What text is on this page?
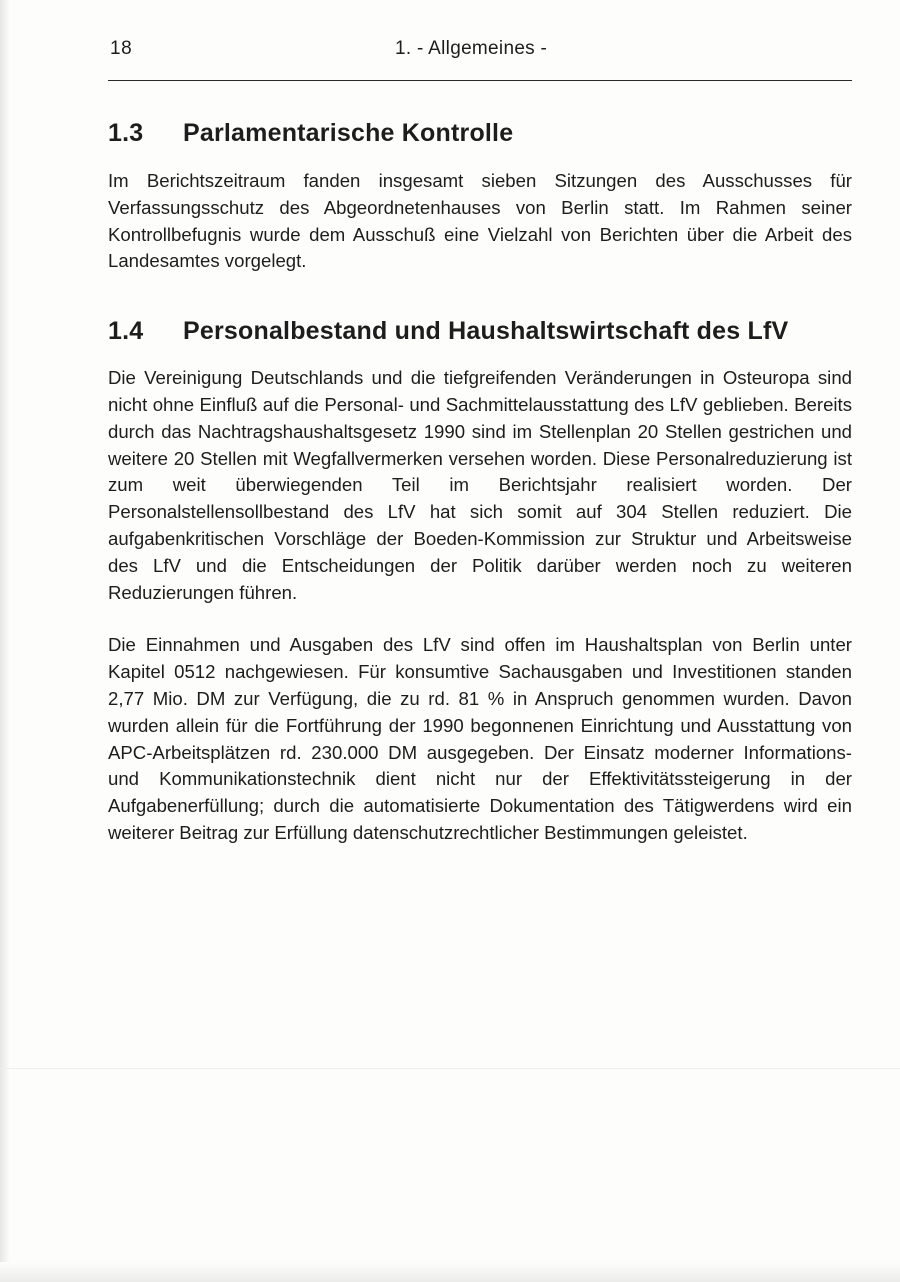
18	1. - Allgemeines -
1.3	Parlamentarische Kontrolle

Im Berichtszeitraum fanden insgesamt sieben Sitzungen des Ausschusses für Verfassungsschutz des Abgeordnetenhauses von Berlin statt. Im Rahmen seiner Kontrollbefugnis wurde dem Ausschuß eine Vielzahl von Berichten über die Arbeit des Landesamtes vorgelegt.

1.4	Personalbestand und Haushaltswirtschaft des LfV

Die Vereinigung Deutschlands und die tiefgreifenden Veränderungen in Osteuropa sind nicht ohne Einfluß auf die Personal- und Sachmittelausstattung des LfV geblieben. Bereits durch das Nachtragshaushaltsgesetz 1990 sind im Stellenplan 20 Stellen gestrichen und weitere 20 Stellen mit Wegfallvermerken versehen worden. Diese Personalreduzierung ist zum weit überwiegenden Teil im Berichtsjahr realisiert worden. Der Personalstellensollbestand des LfV hat sich somit auf 304 Stellen reduziert. Die aufgabenkritischen Vorschläge der Boeden-Kommission zur Struktur und Arbeitsweise des LfV und die Entscheidungen der Politik darüber werden noch zu weiteren Reduzierungen führen.

Die Einnahmen und Ausgaben des LfV sind offen im Haushaltsplan von Berlin unter Kapitel 0512 nachgewiesen. Für konsumtive Sachausgaben und Investitionen standen 2,77 Mio. DM zur Verfügung, die zu rd. 81 % in Anspruch genommen wurden. Davon wurden allein für die Fortführung der 1990 begonnenen Einrichtung und Ausstattung von APC-Arbeitsplätzen rd. 230.000 DM ausgegeben. Der Einsatz moderner Informations- und Kommunikationstechnik dient nicht nur der Effektivitätssteigerung in der Aufgabenerfüllung; durch die automatisierte Dokumentation des Tätigwerdens wird ein weiterer Beitrag zur Erfüllung datenschutzrechtlicher Bestimmungen geleistet.
